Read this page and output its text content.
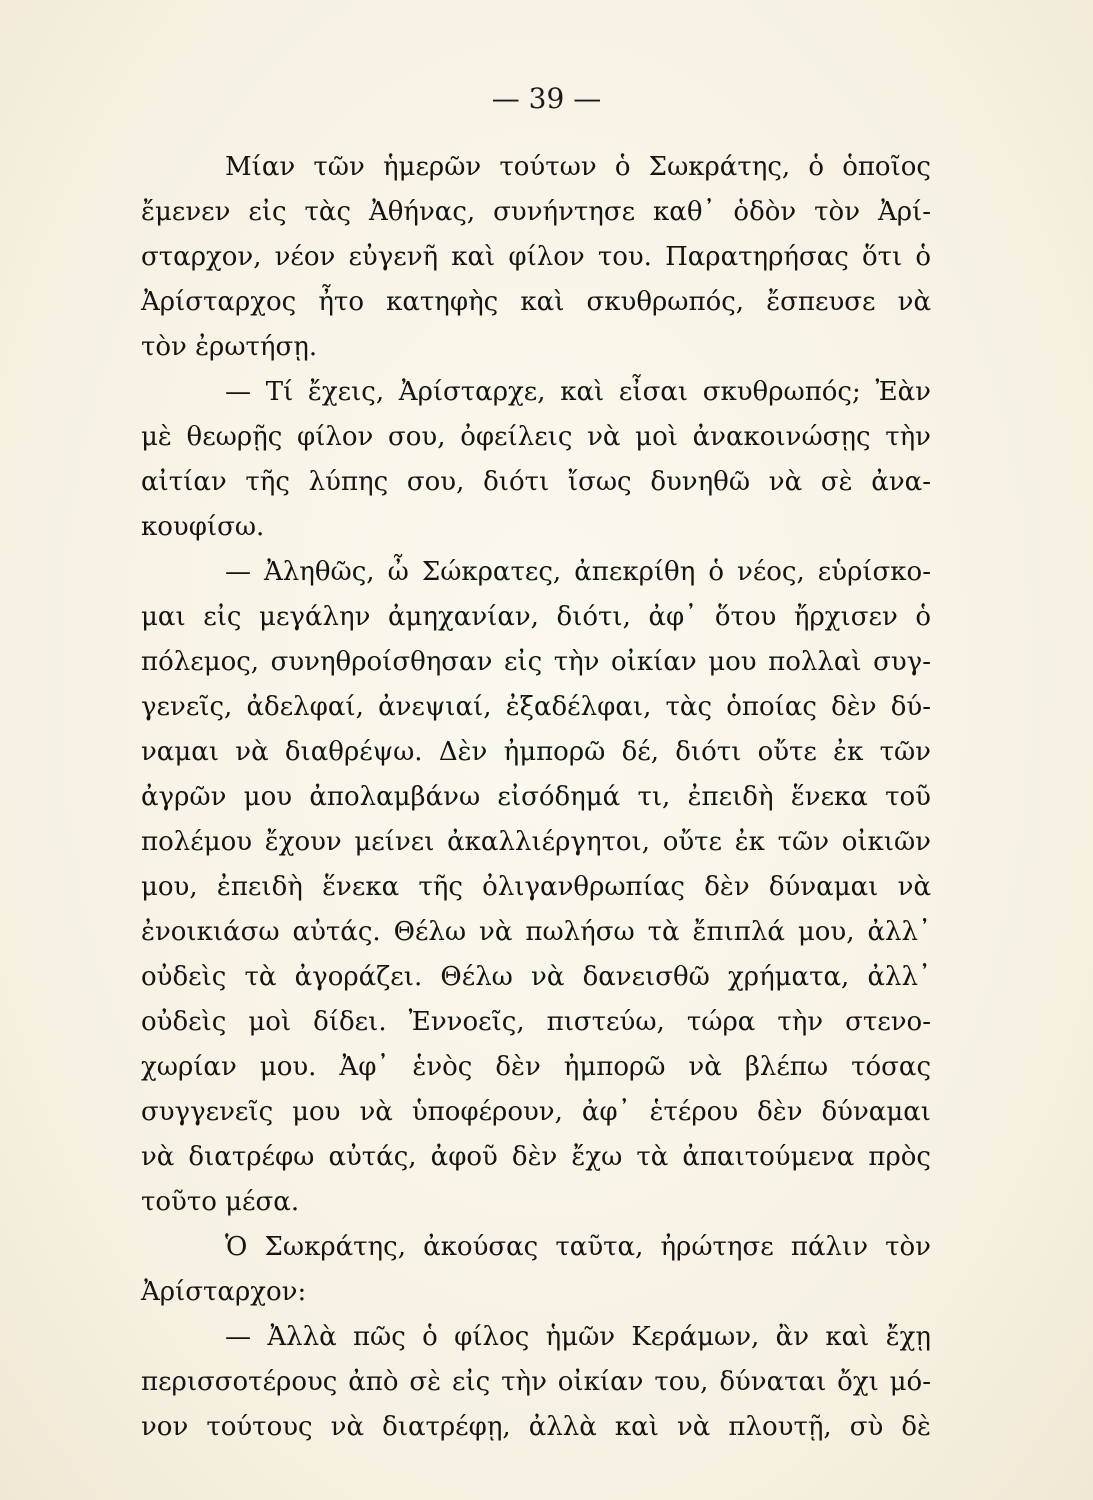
— 39 —
Μίαν τῶν ἡμερῶν τούτων ὁ Σωκράτης, ὁ ὁποῖος
ἔμενεν εἰς τὰς Ἀθήνας, συνήντησε καθ᾽ ὁδὸν τὸν Ἀρί-
σταρχον, νέον εὐγενῆ καὶ φίλον του. Παρατηρήσας ὅτι ὁ
Ἀρίσταρχος ἦτο κατηφὴς καὶ σκυθρωπός, ἔσπευσε νὰ
τὸν ἐρωτήσῃ.
— Τί ἔχεις, Ἀρίσταρχε, καὶ εἶσαι σκυθρωπός; Ἐὰν
μὲ θεωρῇς φίλον σου, ὀφείλεις νὰ μοὶ ἀνακοινώσῃς τὴν
αἰτίαν τῆς λύπης σου, διότι ἴσως δυνηθῶ νὰ σὲ ἀνα-
κουφίσω.
— Ἀληθῶς, ὦ Σώκρατες, ἀπεκρίθη ὁ νέος, εὑρίσκο-
μαι εἰς μεγάλην ἀμηχανίαν, διότι, ἀφ᾽ ὅτου ἤρχισεν ὁ
πόλεμος, συνηθροίσθησαν εἰς τὴν οἰκίαν μου πολλαὶ συγ-
γενεῖς, ἀδελφαί, ἀνεψιαί, ἐξαδέλφαι, τὰς ὁποίας δὲν δύ-
ναμαι νὰ διαθρέψω. Δὲν ἠμπορῶ δέ, διότι οὔτε ἐκ τῶν
ἀγρῶν μου ἀπολαμβάνω εἰσόδημά τι, ἐπειδὴ ἕνεκα τοῦ
πολέμου ἔχουν μείνει ἀκαλλιέργητοι, οὔτε ἐκ τῶν οἰκιῶν
μου, ἐπειδὴ ἕνεκα τῆς ὀλιγανθρωπίας δὲν δύναμαι νὰ
ἐνοικιάσω αὐτάς. Θέλω νὰ πωλήσω τὰ ἔπιπλά μου, ἀλλ᾽
οὐδεὶς τὰ ἀγοράζει. Θέλω νὰ δανεισθῶ χρήματα, ἀλλ᾽
οὐδεὶς μοὶ δίδει. Ἐννοεῖς, πιστεύω, τώρα τὴν στενο-
χωρίαν μου. Ἀφ᾽ ἑνὸς δὲν ἠμπορῶ νὰ βλέπω τόσας
συγγενεῖς μου νὰ ὑποφέρουν, ἀφ᾽ ἑτέρου δὲν δύναμαι
νὰ διατρέφω αὐτάς, ἀφοῦ δὲν ἔχω τὰ ἀπαιτούμενα πρὸς
τοῦτο μέσα.
Ὁ Σωκράτης, ἀκούσας ταῦτα, ἠρώτησε πάλιν τὸν
Ἀρίσταρχον:
— Ἀλλὰ πῶς ὁ φίλος ἡμῶν Κεράμων, ἂν καὶ ἔχῃ
περισσοτέρους ἀπὸ σὲ εἰς τὴν οἰκίαν του, δύναται ὄχι μό-
νον τούτους νὰ διατρέφῃ, ἀλλὰ καὶ νὰ πλουτῇ, σὺ δὲ
